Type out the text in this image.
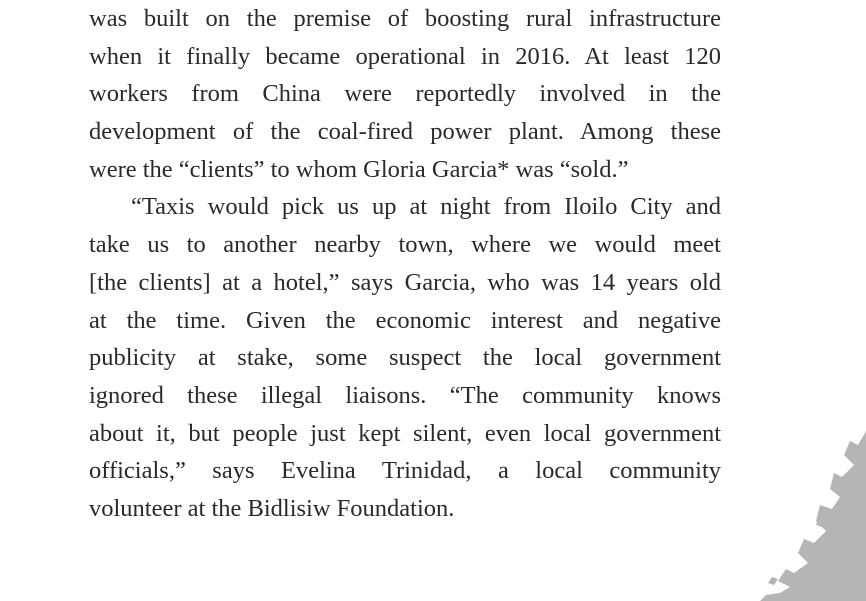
was built on the premise of boosting rural infrastructure
when it finally became operational in 2016. At least 120
workers from China were reportedly involved in the
development of the coal-fired power plant. Among these
were the “clients” to whom Gloria Garcia* was “sold.”
“Taxis would pick us up at night from Iloilo City and
take us to another nearby town, where we would meet
[the clients] at a hotel,” says Garcia, who was 14 years old
at the time. Given the economic interest and negative
publicity at stake, some suspect the local government
ignored these illegal liaisons. “The community knows
about it, but people just kept silent, even local government
officials,” says Evelina Trinidad, a local community
volunteer at the Bidlisiw Foundation.
